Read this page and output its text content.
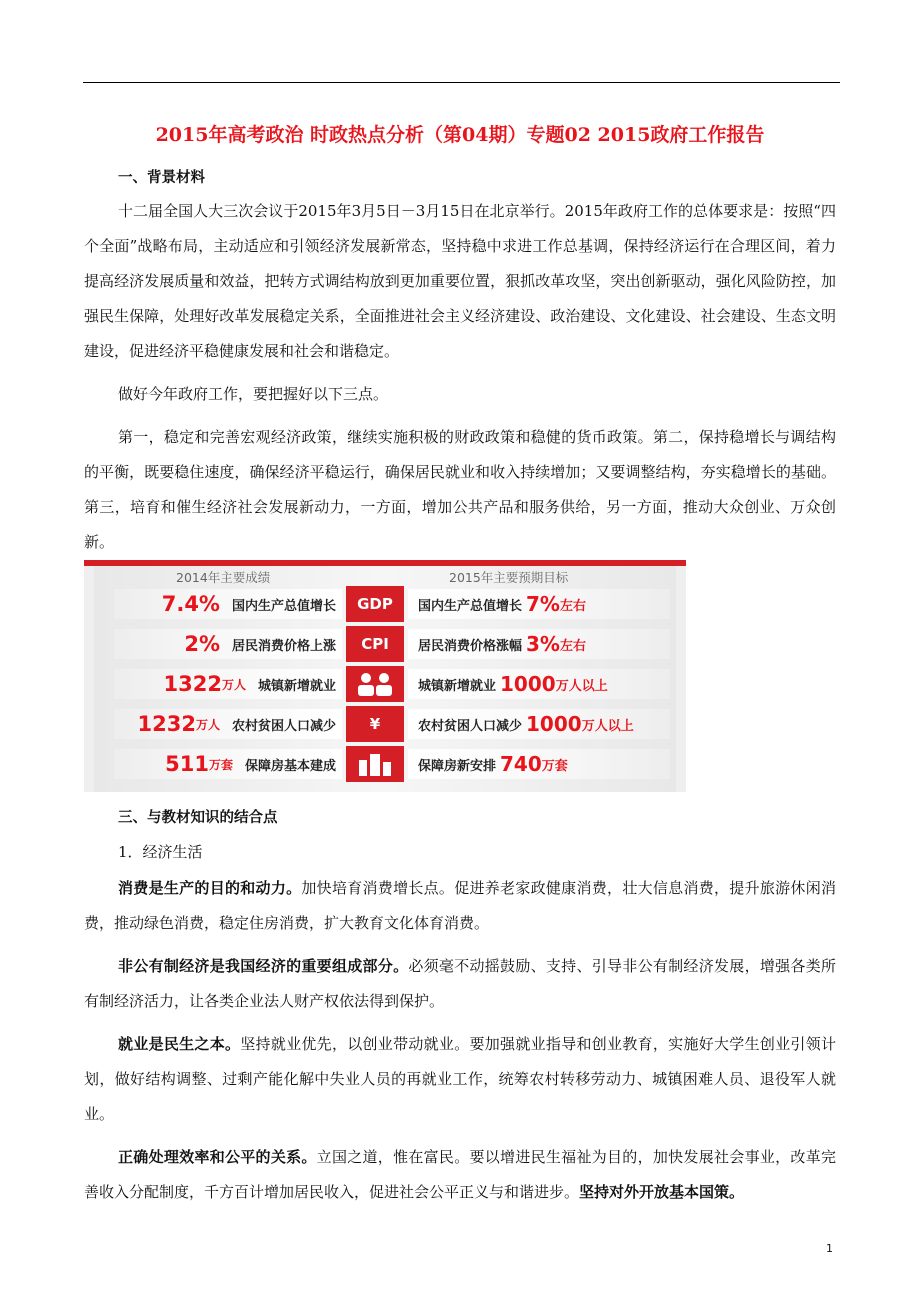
2015年高考政治 时政热点分析（第04期）专题02 2015政府工作报告
一、背景材料

十二届全国人大三次会议于2015年3月5日－3月15日在北京举行。2015年政府工作的总体要求是：按照“四个全面”战略布局，主动适应和引领经济发展新常态，坚持稳中求进工作总基调，保持经济运行在合理区间，着力提高经济发展质量和效益，把转方式调结构放到更加重要位置，狠抓改革攻坚，突出创新驱动，强化风险防控，加强民生保障，处理好改革发展稳定关系，全面推进社会主义经济建设、政治建设、文化建设、社会建设、生态文明建设，促进经济平稳健康发展和社会和谐稳定。

做好今年政府工作，要把握好以下三点。

第一，稳定和完善宏观经济政策，继续实施积极的财政政策和稳健的货币政策。第二，保持稳增长与调结构的平衡，既要稳住速度，确保经济平稳运行，确保居民就业和收入持续增加；又要调整结构，夯实稳增长的基础。第三，培育和催生经济社会发展新动力，一方面，增加公共产品和服务供给，另一方面，推动大众创业、万众创新。

2014年主要成绩	2015年主要预期目标
7.4% 国内生产总值增长	GDP	国内生产总值增长 7% 左右
2% 居民消费价格上涨	CPI	居民消费价格涨幅 3% 左右
1322 万人 城镇新增就业	城镇新增就业 1000 万人以上
1232 万人 农村贫困人口减少	¥	农村贫困人口减少 1000 万人以上
511 万套 保障房基本建成	保障房新安排 740 万套
三、与教材知识的结合点
1．经济生活

消费是生产的目的和动力。加快培育消费增长点。促进养老家政健康消费，壮大信息消费，提升旅游休闲消费，推动绿色消费，稳定住房消费，扩大教育文化体育消费。

非公有制经济是我国经济的重要组成部分。必须毫不动摇鼓励、支持、引导非公有制经济发展，增强各类所有制经济活力，让各类企业法人财产权依法得到保护。

就业是民生之本。坚持就业优先，以创业带动就业。要加强就业指导和创业教育，实施好大学生创业引领计划，做好结构调整、过剩产能化解中失业人员的再就业工作，统筹农村转移劳动力、城镇困难人员、退役军人就业。

正确处理效率和公平的关系。立国之道，惟在富民。要以增进民生福祉为目的，加快发展社会事业，改革完善收入分配制度，千方百计增加居民收入，促进社会公平正义与和谐进步。坚持对外开放基本国策。

1
